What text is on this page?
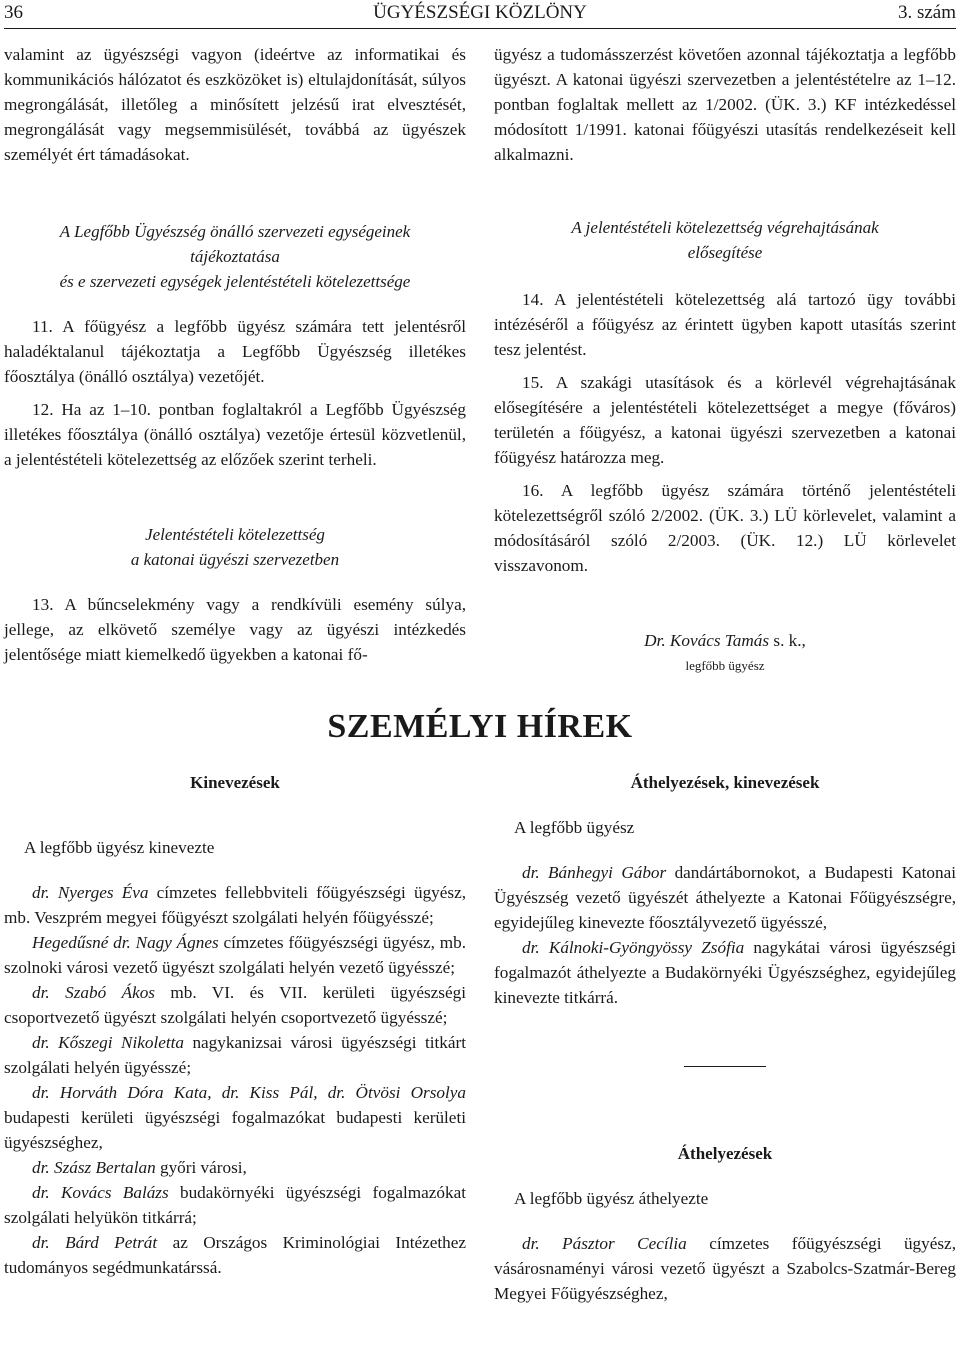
36	ÜGYÉSZSÉGI KÖZLÖNY	3. szám

valamint az ügyészségi vagyon (ideértve az informatikai és kommunikációs hálózatot és eszközöket is) eltulajdonítását, súlyos megrongálását, illetőleg a minősített jelzésű irat elvesztését, megrongálását vagy megsemmisülését, továbbá az ügyészek személyét ért támadásokat.

A Legfőbb Ügyészség önálló szervezeti egységeinek

tájékoztatása

és e szervezeti egységek jelentéstételi kötelezettsége

11. A főügyész a legfőbb ügyész számára tett jelentésről haladéktalanul tájékoztatja a Legfőbb Ügyészség illetékes főosztálya (önálló osztálya) vezetőjét.

12. Ha az 1–10. pontban foglaltakról a Legfőbb Ügyészség illetékes főosztálya (önálló osztálya) vezetője értesül közvetlenül, a jelentéstételi kötelezettség az előzőek szerint terheli.

Jelentéstételi kötelezettség

a katonai ügyészi szervezetben

13. A bűncselekmény vagy a rendkívüli esemény súlya, jellege, az elkövető személye vagy az ügyészi intézkedés jelentősége miatt kiemelkedő ügyekben a katonai fő-

ügyész a tudomásszerzést követően azonnal tájékoztatja a legfőbb ügyészt. A katonai ügyészi szervezetben a jelentéstételre az 1–12. pontban foglaltak mellett az 1/2002. (ÜK. 3.) KF intézkedéssel módosított 1/1991. katonai főügyészi utasítás rendelkezéseit kell alkalmazni.

A jelentéstételi kötelezettség végrehajtásának

elősegítése

14. A jelentéstételi kötelezettség alá tartozó ügy további intézéséről a főügyész az érintett ügyben kapott utasítás szerint tesz jelentést.

15. A szakági utasítások és a körlevél végrehajtásának elősegítésére a jelentéstételi kötelezettséget a megye (főváros) területén a főügyész, a katonai ügyészi szervezetben a katonai főügyész határozza meg.

16. A legfőbb ügyész számára történő jelentéstételi kötelezettségről szóló 2/2002. (ÜK. 3.) LÜ körlevelet, valamint a módosításáról szóló 2/2003. (ÜK. 12.) LÜ körlevelet visszavonom.

Dr. Kovács Tamás s. k.,

legfőbb ügyész

SZEMÉLYI HÍREK

Kinevezések

A legfőbb ügyész kinevezte

dr. Nyerges Éva címzetes fellebbviteli főügyészségi ügyész, mb. Veszprém megyei főügyészt szolgálati helyén főügyésszé;

Hegedűsné dr. Nagy Ágnes címzetes főügyészségi ügyész, mb. szolnoki városi vezető ügyészt szolgálati helyén vezető ügyésszé;

dr. Szabó Ákos mb. VI. és VII. kerületi ügyészségi csoportvezető ügyészt szolgálati helyén csoportvezető ügyésszé;

dr. Kőszegi Nikoletta nagykanizsai városi ügyészségi titkárt szolgálati helyén ügyésszé;

dr. Horváth Dóra Kata, dr. Kiss Pál, dr. Ötvösi Orsolya budapesti kerületi ügyészségi fogalmazókat budapesti kerületi ügyészséghez,

dr. Szász Bertalan győri városi,

dr. Kovács Balázs budakörnyéki ügyészségi fogalmazókat szolgálati helyükön titkárrá;

dr. Bárd Petrát az Országos Kriminológiai Intézethez tudományos segédmunkatárssá.

Áthelyezések, kinevezések

A legfőbb ügyész

dr. Bánhegyi Gábor dandártábornokot, a Budapesti Katonai Ügyészség vezető ügyészét áthelyezte a Katonai Főügyészségre, egyidejűleg kinevezte főosztályvezető ügyésszé,

dr. Kálnoki-Gyöngyössy Zsófia nagykátai városi ügyészségi fogalmazót áthelyezte a Budakörnyéki Ügyészséghez, egyidejűleg kinevezte titkárrá.

Áthelyezések

A legfőbb ügyész áthelyezte

dr. Pásztor Cecília címzetes főügyészségi ügyész, vásárosnaményi városi vezető ügyészt a Szabolcs-Szatmár-Bereg Megyei Főügyészséghez,
